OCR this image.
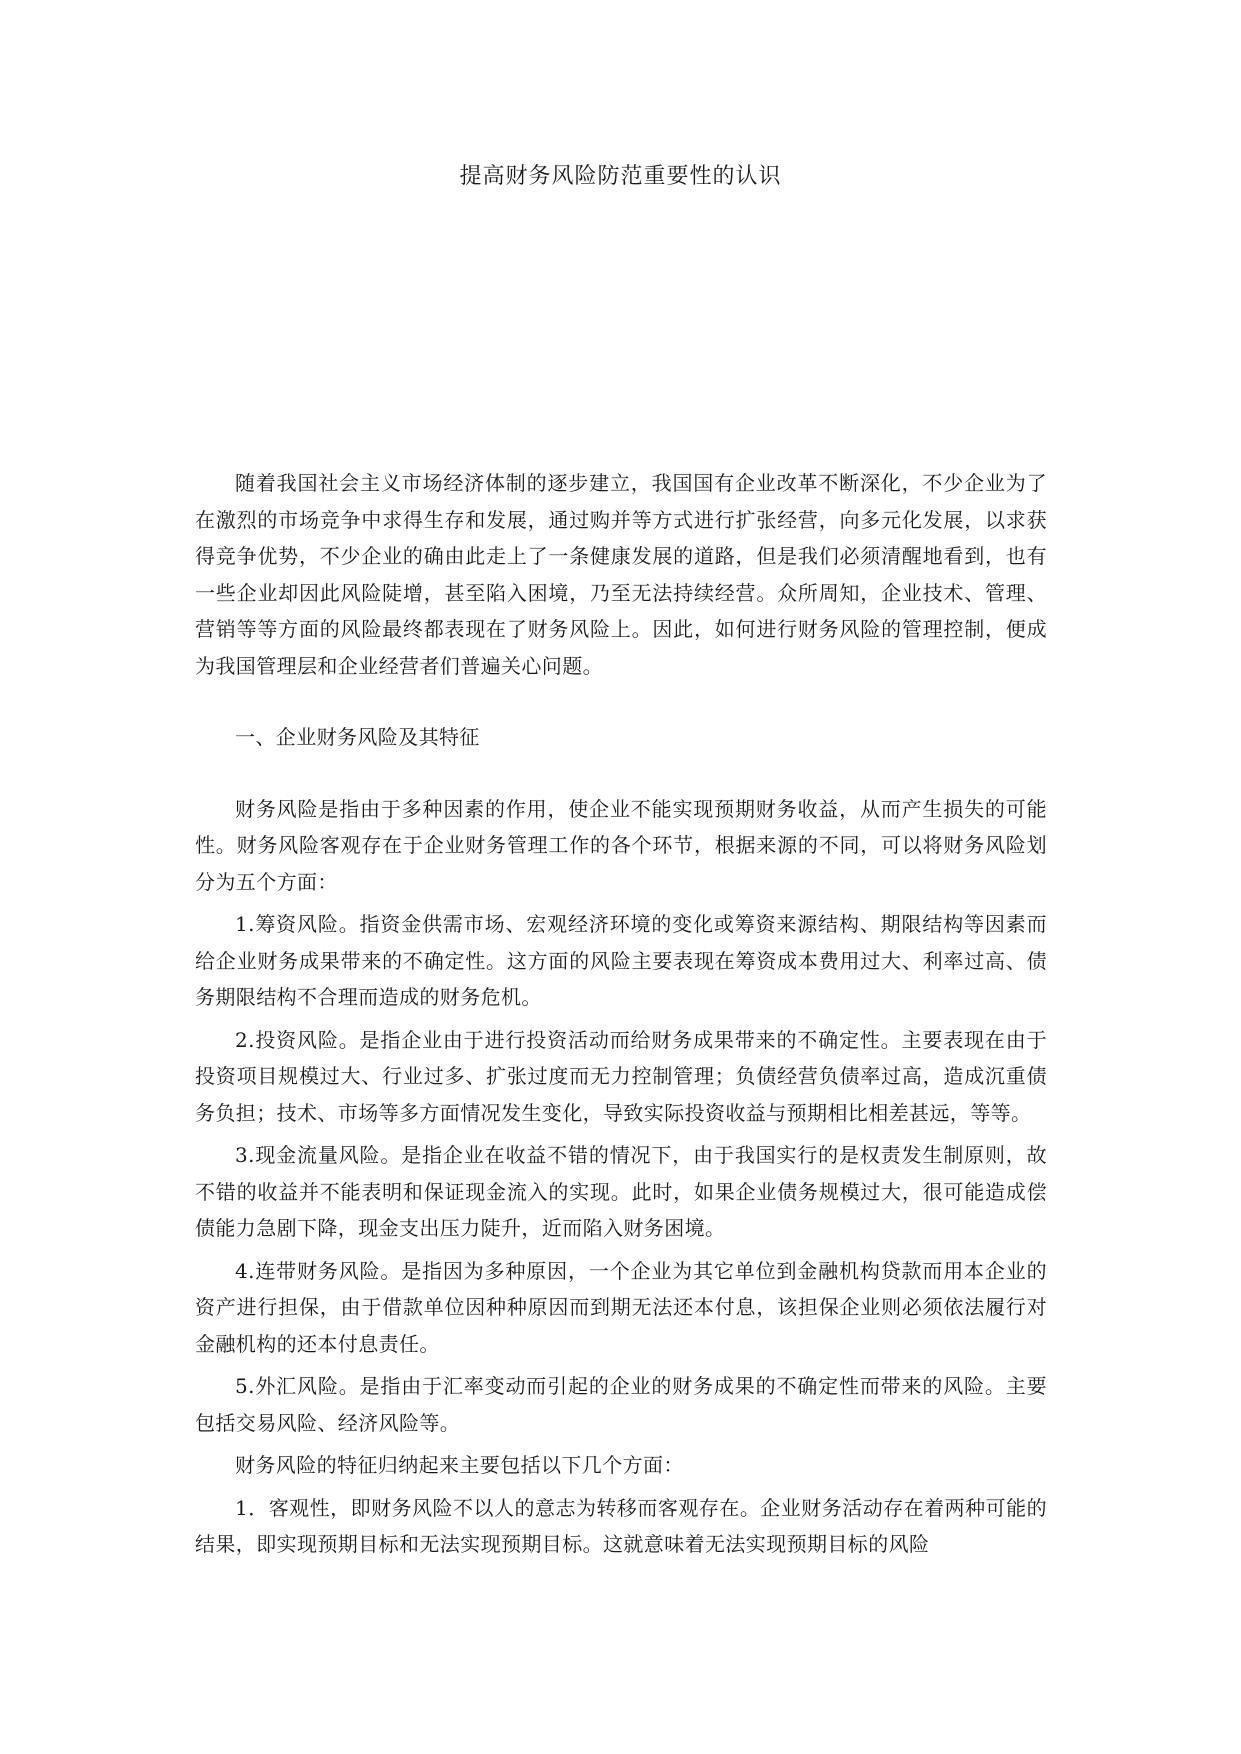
提高财务风险防范重要性的认识

随着我国社会主义市场经济体制的逐步建立，我国国有企业改革不断深化，不少企业为了在激烈的市场竞争中求得生存和发展，通过购并等方式进行扩张经营，向多元化发展，以求获得竞争优势，不少企业的确由此走上了一条健康发展的道路，但是我们必须清醒地看到，也有一些企业却因此风险陡增，甚至陷入困境，乃至无法持续经营。众所周知，企业技术、管理、营销等等方面的风险最终都表现在了财务风险上。因此，如何进行财务风险的管理控制，便成为我国管理层和企业经营者们普遍关心问题。

一、企业财务风险及其特征

财务风险是指由于多种因素的作用，使企业不能实现预期财务收益，从而产生损失的可能性。财务风险客观存在于企业财务管理工作的各个环节，根据来源的不同，可以将财务风险划分为五个方面：

1.筹资风险。指资金供需市场、宏观经济环境的变化或筹资来源结构、期限结构等因素而给企业财务成果带来的不确定性。这方面的风险主要表现在筹资成本费用过大、利率过高、债务期限结构不合理而造成的财务危机。

2.投资风险。是指企业由于进行投资活动而给财务成果带来的不确定性。主要表现在由于投资项目规模过大、行业过多、扩张过度而无力控制管理；负债经营负债率过高，造成沉重债务负担；技术、市场等多方面情况发生变化，导致实际投资收益与预期相比相差甚远，等等。

3.现金流量风险。是指企业在收益不错的情况下，由于我国实行的是权责发生制原则，故不错的收益并不能表明和保证现金流入的实现。此时，如果企业债务规模过大，很可能造成偿债能力急剧下降，现金支出压力陡升，近而陷入财务困境。

4.连带财务风险。是指因为多种原因，一个企业为其它单位到金融机构贷款而用本企业的资产进行担保，由于借款单位因种种原因而到期无法还本付息，该担保企业则必须依法履行对金融机构的还本付息责任。

5.外汇风险。是指由于汇率变动而引起的企业的财务成果的不确定性而带来的风险。主要包括交易风险、经济风险等。

财务风险的特征归纳起来主要包括以下几个方面：

1．客观性，即财务风险不以人的意志为转移而客观存在。企业财务活动存在着两种可能的结果，即实现预期目标和无法实现预期目标。这就意味着无法实现预期目标的风险
